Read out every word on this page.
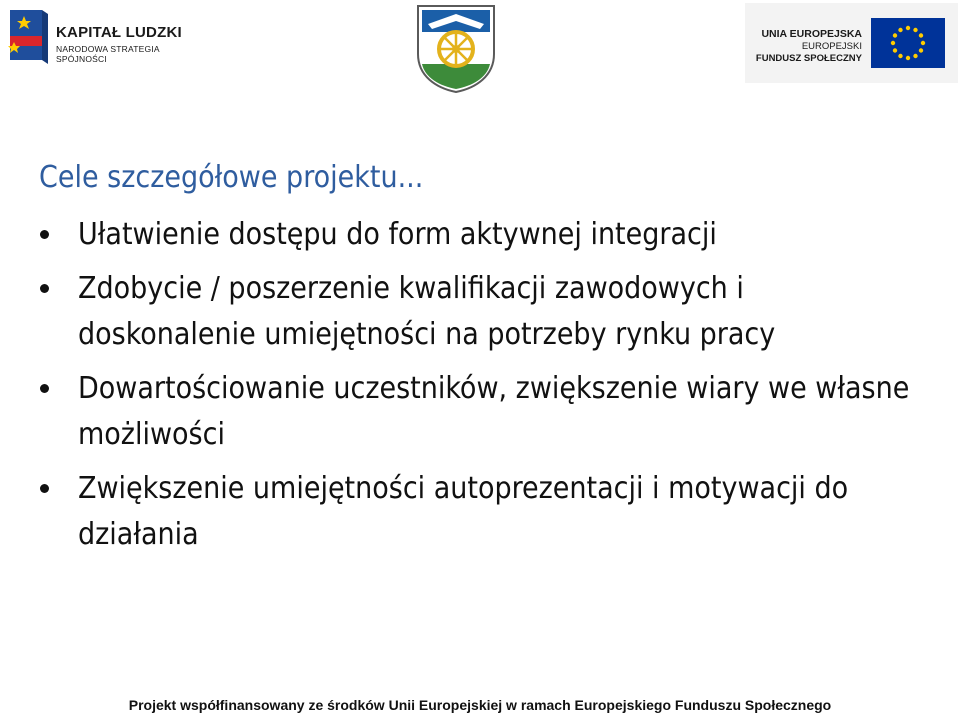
KAPITAŁ LUDZKI
NARODOWA STRATEGIA SPÓJNOŚCI
UNIA EUROPEJSKA
EUROPEJSKI
FUNDUSZ SPOŁECZNY
Cele szczegółowe projektu...
Ułatwienie dostępu do form aktywnej integracji
Zdobycie / poszerzenie kwalifikacji zawodowych i doskonalenie umiejętności na potrzeby rynku pracy
Dowartościowanie uczestników, zwiększenie wiary we własne możliwości
Zwiększenie umiejętności autoprezentacji i motywacji do działania
Projekt współfinansowany ze środków Unii Europejskiej w ramach Europejskiego Funduszu Społecznego
